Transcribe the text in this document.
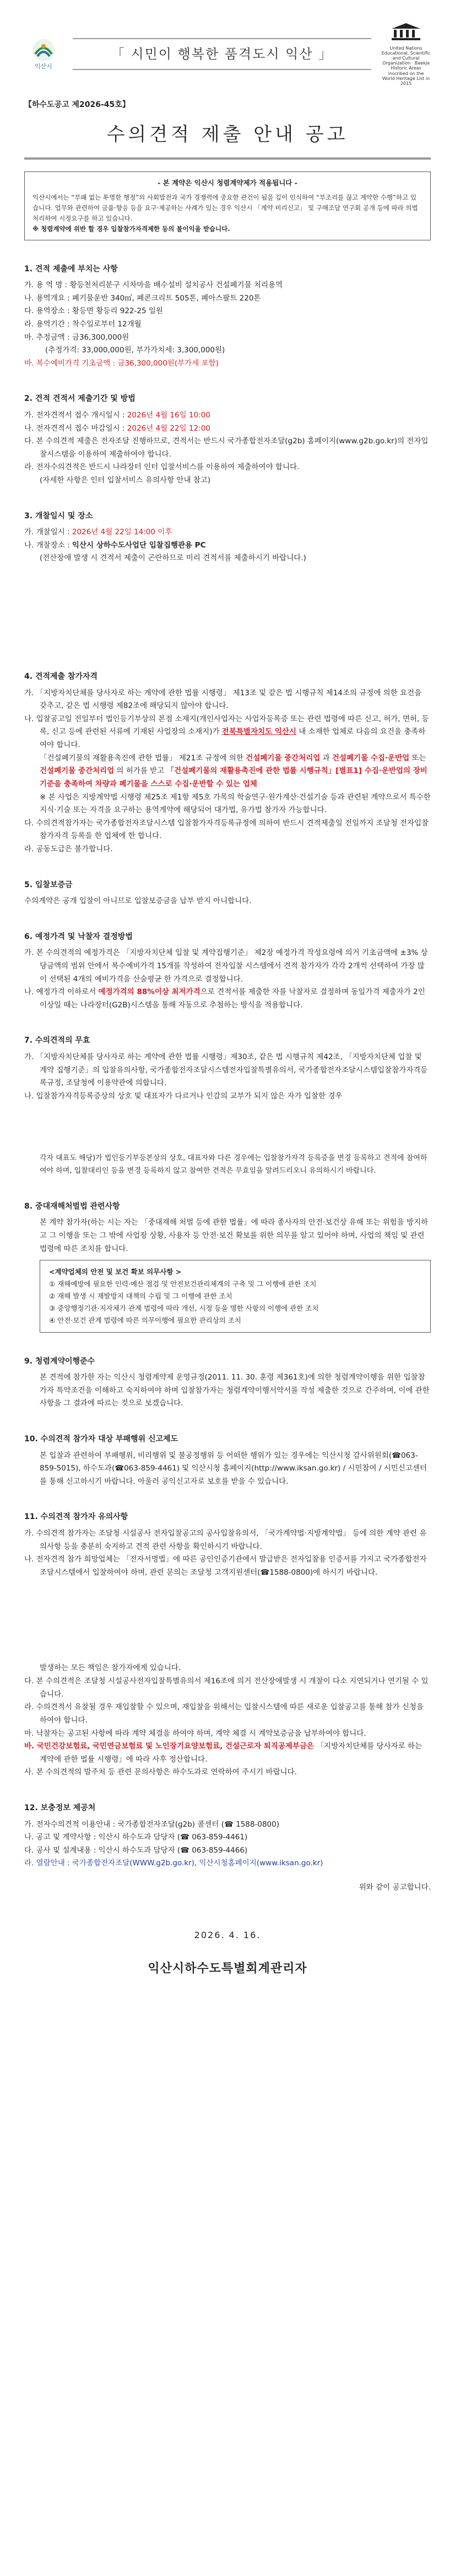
익산시
「 시민이 행복한 품격도시 익산 」	United Nations Educational, Scientific and Cultural Organization · Baekje Historic Areas inscribed on the World Heritage List in 2015
【하수도공고 제2026-45호】
수의견적 제출 안내 공고
- 본 계약은 익산시 청렴계약제가 적용됩니다 -
익산시에서는 “부패 없는 투명한 행정”의 사회발전과 국가 경쟁력에 중요한 관건이 됨을 깊이 인식하여 “부조리를 끊고 계약한 수행”하고 있습니다. 업무와 관련하여 금품·향응 등을 요구·제공하는 사례가 있는 경우 익산시 「계약 비리신고」 및 구매조달 연구회 공개 등에 따라 의법 처리하여 시정요구를 하고 있습니다.
※ 청렴계약에 위반 할 경우 입찰참가자격제한 등의 불이익을 받습니다.
1. 견적 제출에 부치는 사항
가. 용 역 명 : 황등천처리분구 시차마을 배수설비 설치공사 건설폐기물 처리용역
나. 용역개요 : 폐기물운반 340㎥, 폐콘크리트 505톤, 폐아스팔트 220톤
다. 용역장소 : 황등면 황등리 922-25 일원
라. 용역기간 : 착수일로부터 12개월
마. 추정금액 : 금36,300,000원
(추정가격: 33,000,000원, 부가가치세: 3,300,000원)
바. 복수예비가격 기초금액 : 금36,300,000원(부가세 포함)
2. 견적 견적서 제출기간 및 방법
가. 전자견적서 접수 개시일시 : 2026년 4월 16일 10:00
나. 전자견적서 접수 마감일시 : 2026년 4월 22일 12:00
다. 본 수의견적 제출은 전자조달 진행하므로, 견적서는 반드시 국가종합전자조달(g2b) 홈페이지(www.g2b.go.kr)의 전자입찰시스템을 이용하여 제출하여야 합니다.
라. 전자수의견적은 반드시 나라장터 인터 입찰서비스를 이용하여 제출하여야 합니다.
(자세한 사항은 인터 입찰서비스 유의사항 안내 참고)
3. 개찰일시 및 장소
가. 개찰일시 : 2026년 4월 22일 14:00 이후
나. 개찰장소 : 익산시 상하수도사업단 입찰집행관용 PC
(전산장애 발생 시 견적서 제출이 곤란하므로 미리 견적서를 제출하시기 바랍니다.)
4. 견적제출 참가자격
가. 「지방자치단체를 당사자로 하는 계약에 관한 법률 시행령」 제13조 및 같은 법 시행규칙 제14조의 규정에 의한 요건을 갖추고, 같은 법 시행령 제82조에 해당되지 않아야 합니다.
나. 입찰공고일 전일부터 법인등기부상의 본점 소재지(개인사업자는 사업자등록증 또는 관련 법령에 따른 신고, 허가, 면허, 등록, 신고 등에 관련된 서류에 기재된 사업장의 소재지)가 전북특별자치도 익산시 내 소재한 업체로 다음의 요건을 충족하여야 합니다.
「건설폐기물의 재활용촉진에 관한 법률」 제21조 규정에 의한 건설폐기물 중간처리업 과 건설폐기물 수집·운반업 또는 건설폐기물 중간처리업 의 허가를 받고 「건설폐기물의 재활용촉진에 관한 법률 시행규칙」[별표1] 수집·운반업의 장비기준을 충족하여 차량과 폐기물을 스스로 수집·운반할 수 있는 업체
※ 본 사업은 지방계약법 시행령 제25조 제1항 제5호 가목의 학술연구·원가계산·건설기술 등과 관련된 계약으로서 특수한 지식·기술 또는 자격을 요구하는 용역계약에 해당되어 대가법, 유가법 참가자 가능합니다.
다. 수의견적참가자는 국가종합전자조달시스템 입찰참가자격등록규정에 의하여 반드시 견적제출일 전일까지 조달청 전자입찰참가자격 등록을 한 업체에 한 합니다.
라. 공동도급은 불가합니다.
5. 입찰보증금
수의계약은 공개 입찰이 아니므로 입찰보증금을 납부 받지 아니합니다.
6. 예정가격 및 낙찰자 결정방법
가. 본 수의견적의 예정가격은 「지방자치단체 입찰 및 계약집행기준」 제2장 예정가격 작성요령에 의거 기초금액에 ±3% 상당금액의 범위 안에서 복수예비가격 15개를 작성하여 전자입찰 시스템에서 견적 참가자가 각각 2개씩 선택하여 가장 많이 선택된 4개의 예비가격을 산술평균 한 가격으로 결정합니다.
나. 예정가격 이하로서 예정가격의 88%이상 최저가격으로 견적서를 제출한 자를 낙찰자로 결정하며 동일가격 제출자가 2인 이상일 때는 나라장터(G2B)시스템을 통해 자동으로 추첨하는 방식을 적용합니다.
7. 수의견적의 무효
가. 「지방자치단체를 당사자로 하는 계약에 관한 법률 시행령」제30조, 같은 법 시행규칙 제42조, 「지방자치단체 입찰 및 계약 집행기준」의 입찰유의사항, 국가종합전자조달시스템전자입찰특별유의서, 국가종합전자조달시스템입찰참가자격등록규정, 조달청에 이용약관에 의합니다.
나. 입찰참가자격등록증상의 상호 및 대표자가 다르거나 인감의 교부가 되지 않은 자가 입찰한 경우
각자 대표도 해당)가 법인등기부등본상의 상호, 대표자와 다른 경우에는 입찰참가자격 등록증을 변경 등록하고 견적에 참여하여야 하며, 입찰대리인 등을 변경 등록하지 않고 참여한 견적은 무효임을 알려드리오니 유의하시기 바랍니다.
8. 중대재해처벌법 관련사항
본 계약 참가자(하는 시는 자는 「중대재해 처벌 등에 관한 법률」에 따라 종사자의 안전·보건상 유해 또는 위험을 방지하고 그 이행을 또는 그 밖에 사업장 상황, 사용자 등 안전·보건 확보를 위한 의무를 알고 있어야 하며, 사업의 책임 및 관련 법령에 따른 조치를 합니다.
<계약업체의 안전 및 보건 확보 의무사항 >
① 재해예방에 필요한 인력·예산 점검 및 안전보건관리체계의 구축 및 그 이행에 관한 조치
② 재해 발생 시 재발방지 대책의 수립 및 그 이행에 관한 조치
③ 중앙행정기관·지자체가 관계 법령에 따라 개선, 시정 등을 명한 사항의 이행에 관한 조치
④ 안전·보건 관계 법령에 따른 의무이행에 필요한 관리상의 조치
9. 청렴계약이행준수
본 견적에 참가한 자는 익산시 청렴계약제 운영규정(2011. 11. 30. 훈령 제361호)에 의한 청렴계약이행을 위한 입찰참가자 특약조건을 이해하고 숙지하여야 하며 입찰참가자는 청렴계약이행서약서를 작성 제출한 것으로 간주하며, 이에 관한 사항을 그 결과에 따르는 것으로 보겠습니다.
10. 수의견적 참가자 대상 부패행위 신고제도
본 입찰과 관련하여 부패행위, 비리행위 및 불공정행위 등 어떠한 행위가 있는 경우에는 익산시청 감사위원회(☎063-859-5015), 하수도과(☎063-859-4461) 및 익산시청 홈페이지(http://www.iksan.go.kr) / 시민참여 / 시민신고센터를 통해 신고하시기 바랍니다. 아울러 공익신고자로 보호를 받을 수 있습니다.
11. 수의견적 참가자 유의사항
가. 수의견적 참가자는 조달청 시설공사 전자입찰공고의 공사입찰유의서, 「국가계약법·지방계약법」 등에 의한 계약 관련 유의사항 등을 충분히 숙지하고 견적 관련 사항을 확인하시기 바랍니다.
나. 전자견적 참가 희망업체는 「전자서명법」에 따른 공인인증기관에서 발급받은 전자입찰용 인증서를 가지고 국가종합전자조달시스템에서 입찰하여야 하며, 관련 문의는 조달청 고객지원센터(☎1588-0800)에 하시기 바랍니다.
발생하는 모든 책임은 참가자에게 있습니다.
다. 본 수의견적은 조달청 시설공사전자입찰특별유의서 제16조에 의거 전산장애발생 시 개찰이 다소 지연되거나 연기될 수 있습니다.
라. 수의견적서 유찰될 경우 재입찰할 수 있으며, 재입찰을 위해서는 입찰시스템에 따른 새로운 입찰공고를 통해 참가 신청을 하여야 합니다.
마. 낙찰자는 공고된 사항에 따라 계약 체결을 하여야 하며, 계약 체결 시 계약보증금을 납부하여야 합니다.
바. 국민건강보험료, 국민연금보험료 및 노인장기요양보험료, 건설근로자 퇴직공제부금은 「지방자치단체를 당사자로 하는 계약에 관한 법률 시행령」에 따라 사후 정산합니다.
사. 본 수의견적의 발주처 등 관련 문의사항은 하수도과로 연락하여 주시기 바랍니다.
12. 보충정보 제공처
가. 전자수의견적 이용안내 : 국가종합전자조달(g2b) 콜센터 (☎ 1588-0800)
나. 공고 및 계약사항 : 익산시 하수도과 담당자 (☎ 063-859-4461)
다. 공사 및 설계내용 : 익산시 하수도과 담당자 (☎ 063-859-4466)
라. 열람안내 : 국가종합전자조달(WWW.g2b.go.kr), 익산시청홈페이지(www.iksan.go.kr)
위와 같이 공고합니다.
2026. 4. 16.
익산시하수도특별회계관리자
